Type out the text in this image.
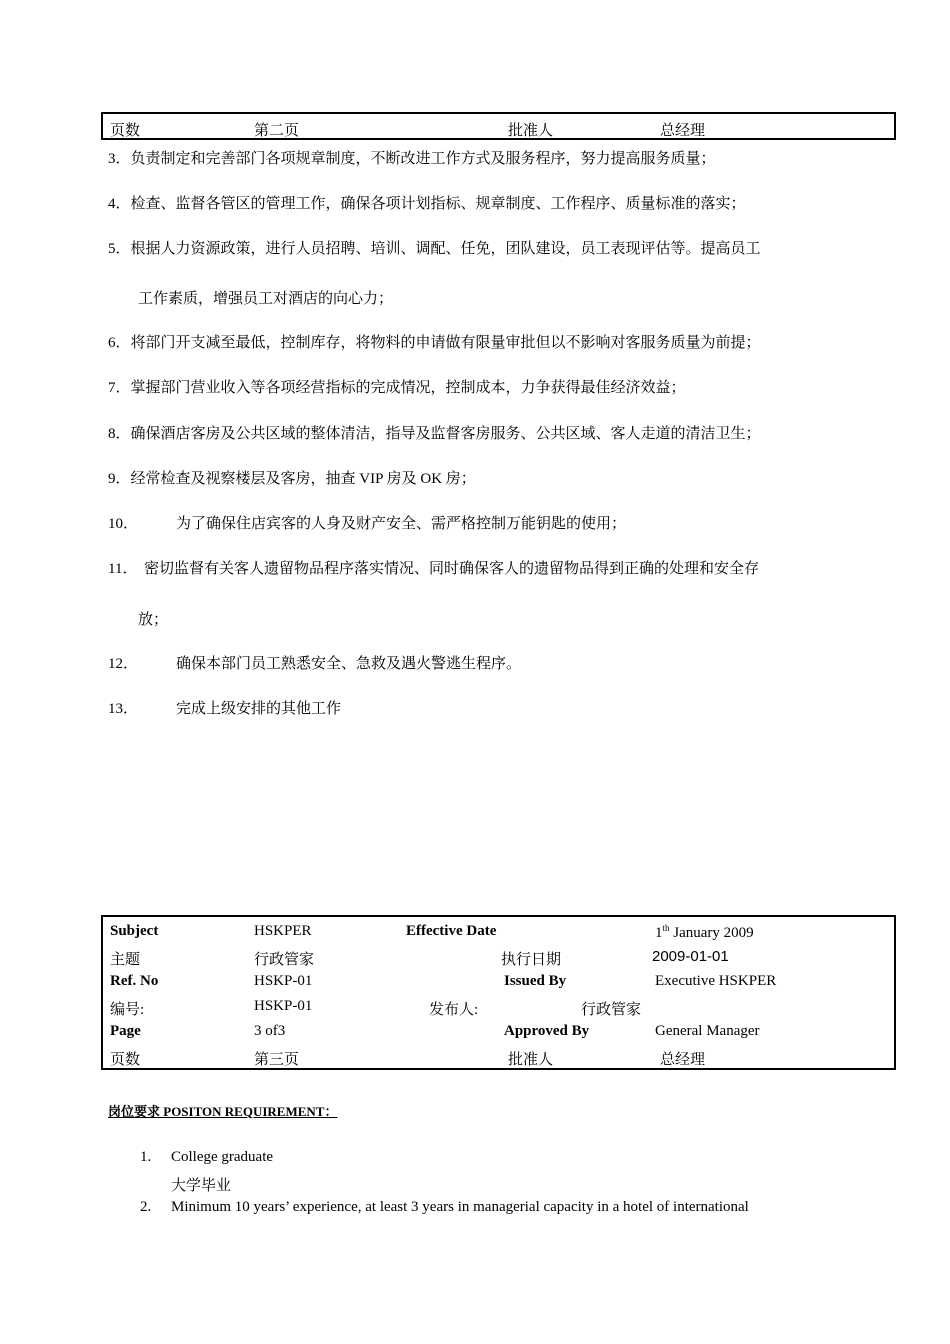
页数	第二页	批准人	总经理
3．负责制定和完善部门各项规章制度，不断改进工作方式及服务程序，努力提高服务质量；
4．检查、监督各管区的管理工作，确保各项计划指标、规章制度、工作程序、质量标准的落实；
5．根据人力资源政策，进行人员招聘、培训、调配、任免，团队建设，员工表现评估等。提高员工
工作素质，增强员工对酒店的向心力；
6．将部门开支减至最低，控制库存，将物料的申请做有限量审批但以不影响对客服务质量为前提；
7．掌握部门营业收入等各项经营指标的完成情况，控制成本，力争获得最佳经济效益；
8．确保酒店客房及公共区域的整体清洁，指导及监督客房服务、公共区域、客人走道的清洁卫生；
9．经常检查及视察楼层及客房，抽查 VIP 房及 OK 房；
10．	为了确保住店宾客的人身及财产安全、需严格控制万能钥匙的使用；
11． 密切监督有关客人遗留物品程序落实情况、同时确保客人的遗留物品得到正确的处理和安全存
放；
12．	确保本部门员工熟悉安全、急救及遇火警逃生程序。
13．	完成上级安排的其他工作
Subject	HSKPER	Effective Date	1th January 2009
主题	行政管家	执行日期	2009-01-01
Ref. No	HSKP-01	Issued By	Executive HSKPER
编号:	HSKP-01	发布人:	行政管家
Page	3 of3	Approved By	General Manager
页数	第三页	批准人	总经理
岗位要求 POSITON REQUIREMENT：
1. College graduate
大学毕业
2. Minimum 10 years’ experience, at least 3 years in managerial capacity in a hotel of international
